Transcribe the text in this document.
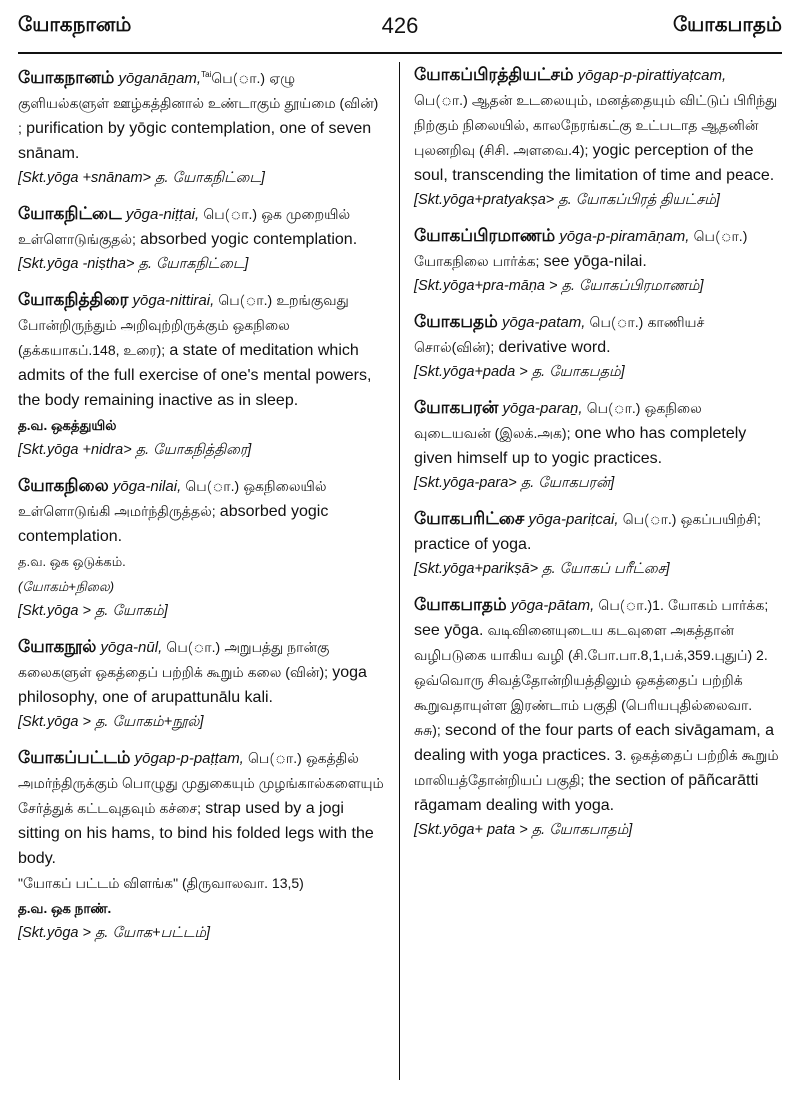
யோகநானம்	426	யோகபாதம்

யோகநானம் yōganāṉam,$^{Tai}$பெ(ா.) ஏழு குளியல்களுள் ஊழ்கத்தினால் உண்டாகும் தூய்மை (வின்) ; purification by yōgic contemplation, one of seven snānam.

[Skt.yōga +snānam> த. யோகநிட்டை]

யோகநிட்டை yōga-niṭṭai, பெ(ா.) ஒக முறையில் உள்ளொடுங்குதல்; absorbed yogic contemplation.

[Skt.yōga -niṣtha> த. யோகநிட்டை]

யோகநித்திரை yōga-nittirai, பெ(ா.) உறங்குவது போன்றிருந்தும் அறிவுற்றிருக்கும் ஒகநிலை (தக்கயாகப்.148, உரை); a state of meditation which admits of the full exercise of one's mental powers, the body remaining inactive as in sleep.

த.வ. ஒகத்துயில்

[Skt.yōga +nidra> த. யோகநித்திரை]

யோகநிலை yōga-nilai, பெ(ா.) ஒகநிலையில் உள்ளொடுங்கி அமர்ந்திருத்தல்; absorbed yogic contemplation.

த.வ. ஒக ஒடுக்கம்.

(யோகம்+நிலை)

[Skt.yōga > த. யோகம்]

யோகநூல் yōga-nūl, பெ(ா.) அறுபத்து நான்கு கலைகளுள் ஒகத்தைப் பற்றிக் கூறும் கலை (வின்); yoga philosophy, one of arupattunālu kali.

[Skt.yōga > த. யோகம்+நூல்]

யோகப்பட்டம் yōgap-p-paṭṭam, பெ(ா.) ஒகத்தில் அமர்ந்திருக்கும் பொழுது முதுகையும் முழங்கால்களையும் சேர்த்துக் கட்டவுதவும் கச்சை; strap used by a jogi sitting on his hams, to bind his folded legs with the body.

"யோகப் பட்டம் விளங்க" (திருவாலவா. 13,5)

த.வ. ஒக நாண்.

[Skt.yōga > த. யோக+பட்டம்]

யோகப்பிரத்தியட்சம் yōgap-p-pirattiyaṭcam, பெ(ா.) ஆதன் உடலையும், மனத்தையும் விட்டுப் பிரிந்து நிற்கும் நிலையில், காலநேரங்கட்கு உட்படாத ஆதனின் புலனறிவு (சிசி. அளவை.4); yogic perception of the soul, transcending the limitation of time and peace.

[Skt.yōga+pratyakṣa> த. யோகப்பிரத் தியட்சம்]

யோகப்பிரமாணம் yōga-p-piramāṇam, பெ(ா.) யோகநிலை பார்க்க; see yōga-nilai.

[Skt.yōga+pra-māṇa > த. யோகப்பிரமாணம்]

யோகபதம் yōga-patam, பெ(ா.) காணியச் சொல்(வின்); derivative word.

[Skt.yōga+pada > த. யோகபதம்]

யோகபரன் yōga-paraṉ, பெ(ா.) ஒகநிலை வுடையவன் (இலக்.அக); one who has completely given himself up to yogic practices.

[Skt.yōga-para> த. யோகபரன்]

யோகபரிட்சை yōga-pariṭcai, பெ(ா.) ஒகப்பயிற்சி; practice of yoga.

[Skt.yōga+parikṣā> த. யோகப் பரீட்சை]

யோகபாதம் yōga-pātam, பெ(ா.)1. யோகம் பார்க்க; see yōga. வடிவினையுடைய கடவுளை அகத்தான் வழிபடுகை யாகிய வழி (சி.போ.பா.8,1,பக்,359.புதுப்) 2. ஒவ்வொரு சிவத்தோன்றியத்திலும் ஒகத்தைப் பற்றிக் கூறுவதாயுள்ள இரண்டாம் பகுதி (பெரியபுதில்லைவா. சுசு); second of the four parts of each sivāgamam, a dealing with yoga practices. 3. ஒகத்தைப் பற்றிக் கூறும் மாலியத்தோன்றியப் பகுதி; the section of pāñcarātti rāgamam dealing with yoga.

[Skt.yōga+ pata > த. யோகபாதம்]
